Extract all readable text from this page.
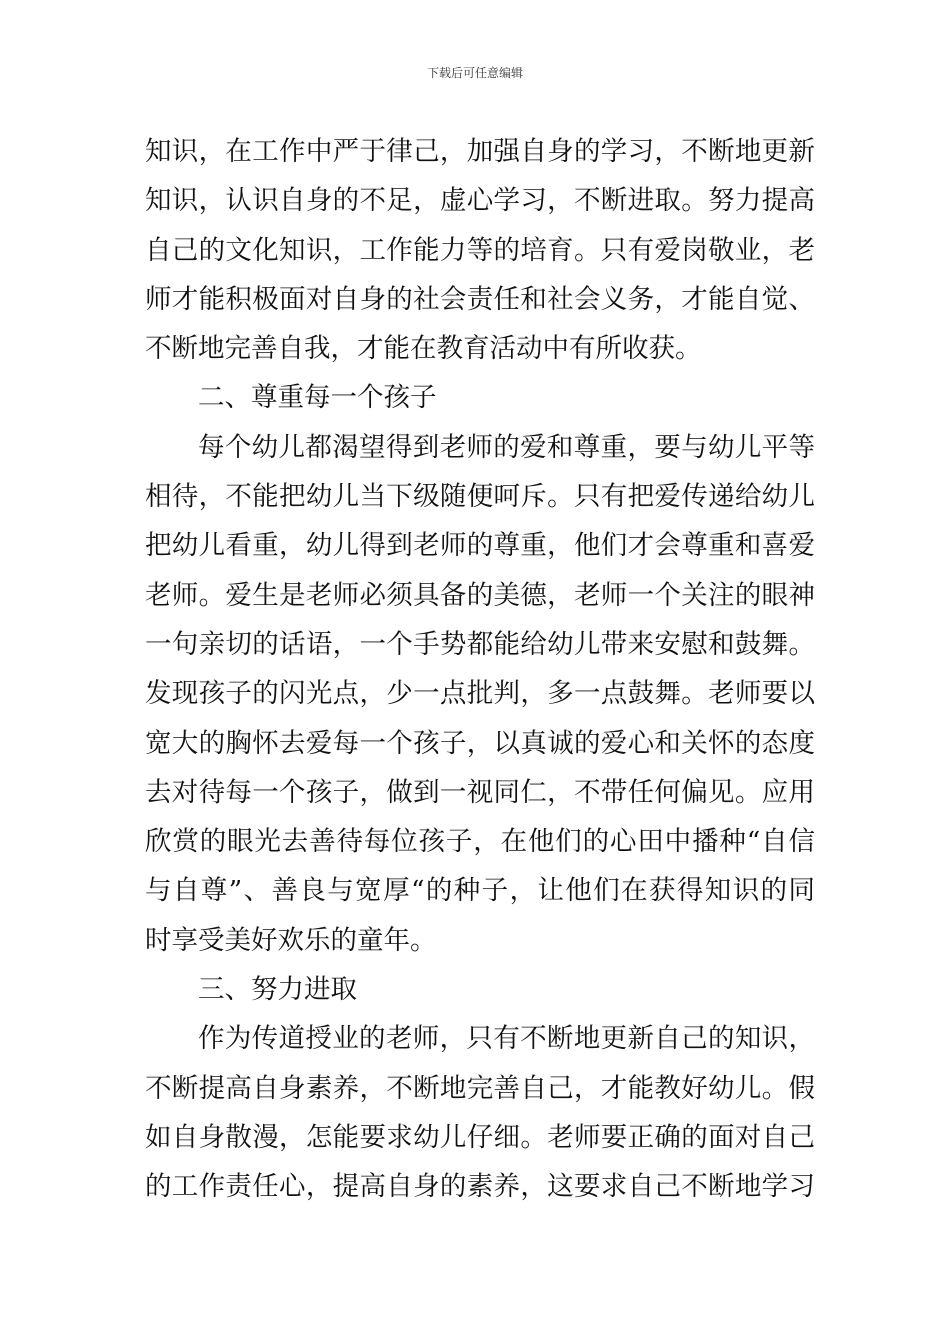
下载后可任意编辑
知识，在工作中严于律己，加强自身的学习，不断地更新
知识，认识自身的不足，虚心学习，不断进取。努力提高
自己的文化知识，工作能力等的培育。只有爱岗敬业，老
师才能积极面对自身的社会责任和社会义务，才能自觉、
不断地完善自我，才能在教育活动中有所收获。
二、尊重每一个孩子
每个幼儿都渴望得到老师的爱和尊重，要与幼儿平等
相待，不能把幼儿当下级随便呵斥。只有把爱传递给幼儿
把幼儿看重，幼儿得到老师的尊重，他们才会尊重和喜爱
老师。爱生是老师必须具备的美德，老师一个关注的眼神
一句亲切的话语，一个手势都能给幼儿带来安慰和鼓舞。
发现孩子的闪光点，少一点批判，多一点鼓舞。老师要以
宽大的胸怀去爱每一个孩子，以真诚的爱心和关怀的态度
去对待每一个孩子，做到一视同仁，不带任何偏见。应用
欣赏的眼光去善待每位孩子，在他们的心田中播种“自信
与自尊”、善良与宽厚“的种子，让他们在获得知识的同
时享受美好欢乐的童年。
三、努力进取
作为传道授业的老师，只有不断地更新自己的知识，
不断提高自身素养，不断地完善自己，才能教好幼儿。假
如自身散漫，怎能要求幼儿仔细。老师要正确的面对自己
的工作责任心，提高自身的素养，这要求自己不断地学习
